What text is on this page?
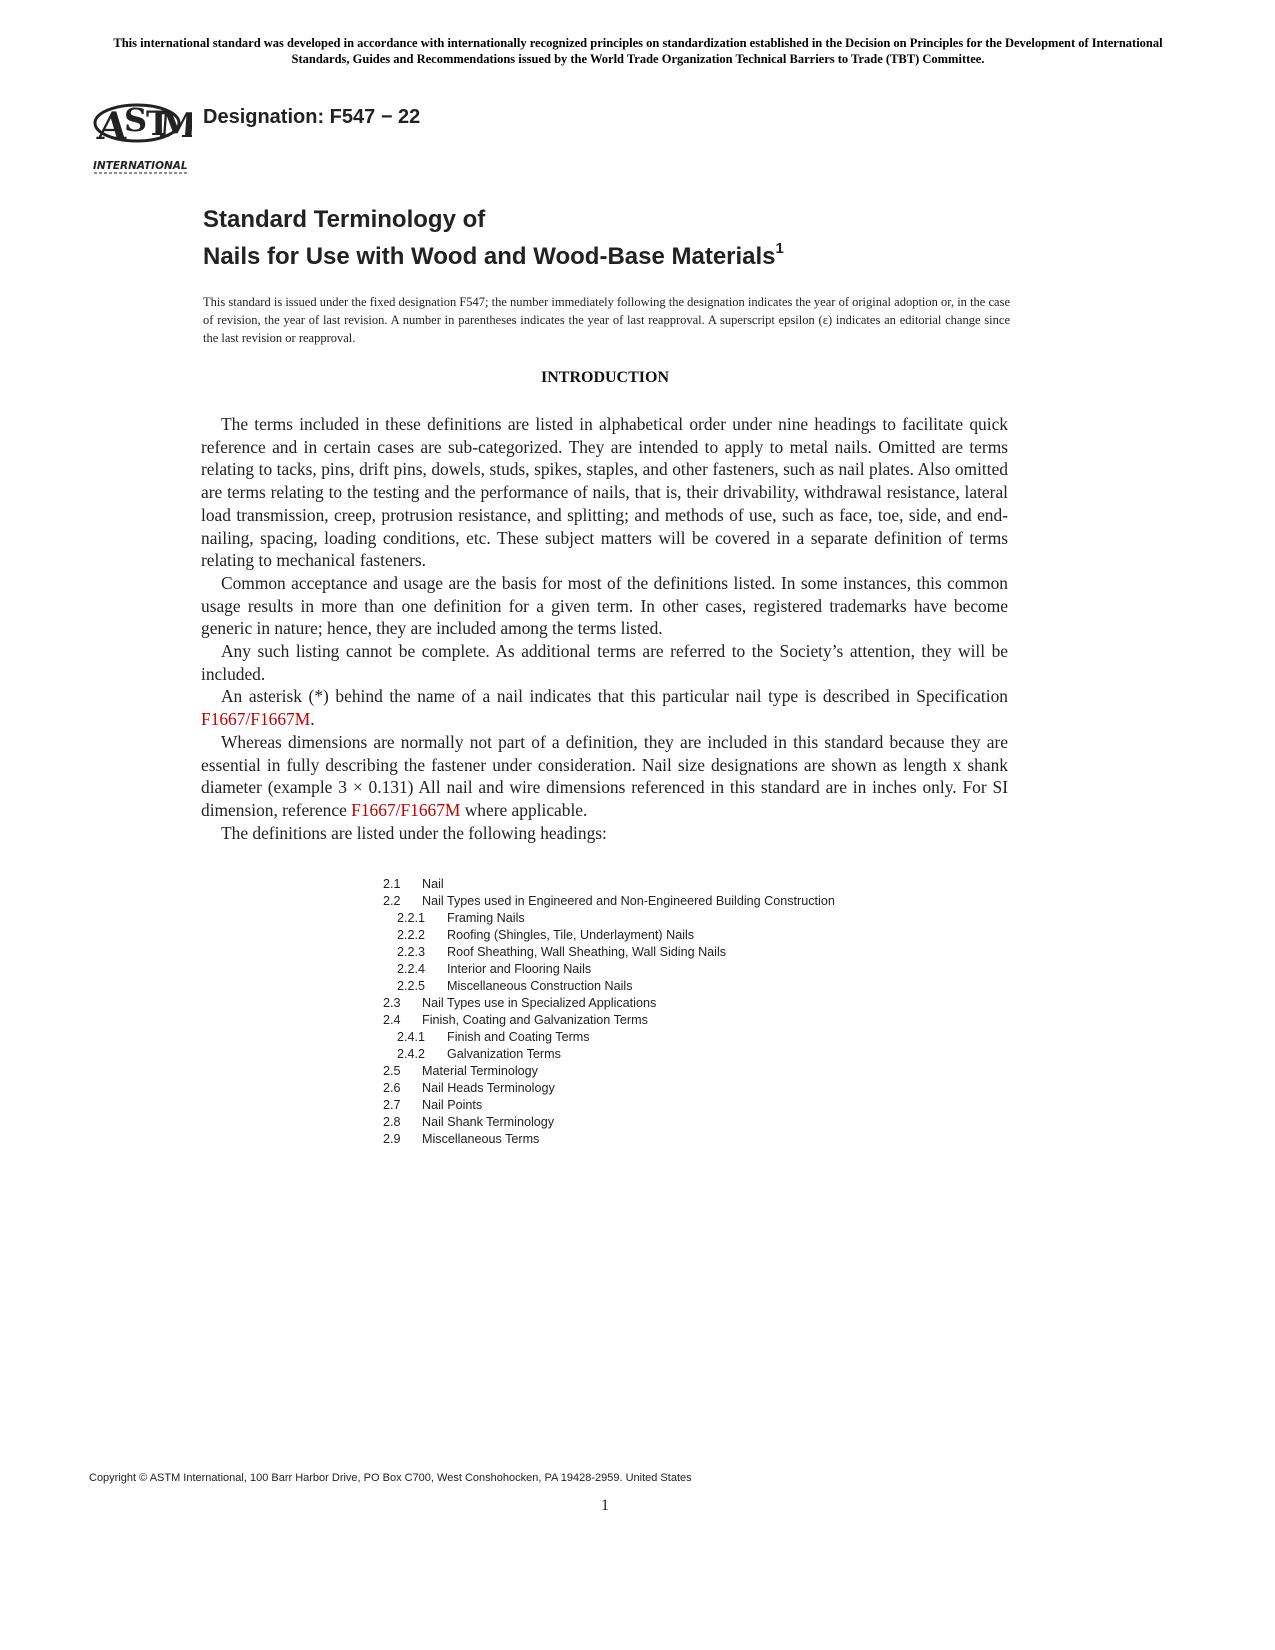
This international standard was developed in accordance with internationally recognized principles on standardization established in the Decision on Principles for the Development of International Standards, Guides and Recommendations issued by the World Trade Organization Technical Barriers to Trade (TBT) Committee.
A
S
T
M
INTERNATIONAL
Designation: F547 − 22
Standard Terminology of
Nails for Use with Wood and Wood-Base Materials$^1$
This standard is issued under the fixed designation F547; the number immediately following the designation indicates the year of original adoption or, in the case of revision, the year of last revision. A number in parentheses indicates the year of last reapproval. A superscript epsilon (ε) indicates an editorial change since the last revision or reapproval.
INTRODUCTION

The terms included in these definitions are listed in alphabetical order under nine headings to facilitate quick reference and in certain cases are sub-categorized. They are intended to apply to metal nails. Omitted are terms relating to tacks, pins, drift pins, dowels, studs, spikes, staples, and other fasteners, such as nail plates. Also omitted are terms relating to the testing and the performance of nails, that is, their drivability, withdrawal resistance, lateral load transmission, creep, protrusion resistance, and splitting; and methods of use, such as face, toe, side, and end-nailing, spacing, loading conditions, etc. These subject matters will be covered in a separate definition of terms relating to mechanical fasteners.

Common acceptance and usage are the basis for most of the definitions listed. In some instances, this common usage results in more than one definition for a given term. In other cases, registered trademarks have become generic in nature; hence, they are included among the terms listed.

Any such listing cannot be complete. As additional terms are referred to the Society’s attention, they will be included.

An asterisk (*) behind the name of a nail indicates that this particular nail type is described in Specification F1667/F1667M.

Whereas dimensions are normally not part of a definition, they are included in this standard because they are essential in fully describing the fastener under consideration. Nail size designations are shown as length x shank diameter (example 3 × 0.131) All nail and wire dimensions referenced in this standard are in inches only. For SI dimension, reference F1667/F1667M where applicable.

The definitions are listed under the following headings:

2.1 Nail
2.2 Nail Types used in Engineered and Non-Engineered Building Construction
2.2.1 Framing Nails
2.2.2 Roofing (Shingles, Tile, Underlayment) Nails
2.2.3 Roof Sheathing, Wall Sheathing, Wall Siding Nails
2.2.4 Interior and Flooring Nails
2.2.5 Miscellaneous Construction Nails
2.3 Nail Types use in Specialized Applications
2.4 Finish, Coating and Galvanization Terms
2.4.1 Finish and Coating Terms
2.4.2 Galvanization Terms
2.5 Material Terminology
2.6 Nail Heads Terminology
2.7 Nail Points
2.8 Nail Shank Terminology
2.9 Miscellaneous Terms
Copyright © ASTM International, 100 Barr Harbor Drive, PO Box C700, West Conshohocken, PA 19428-2959. United States
1
